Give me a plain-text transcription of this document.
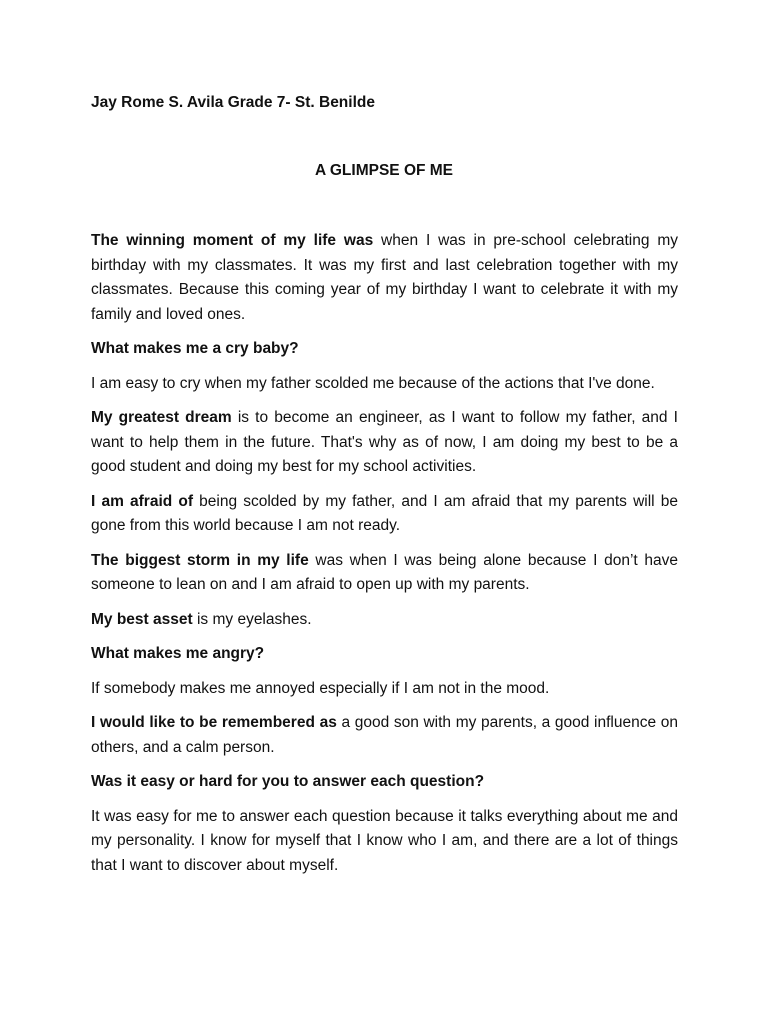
Jay Rome S. Avila Grade 7- St. Benilde

A GLIMPSE OF ME

The winning moment of my life was when I was in pre-school celebrating my birthday with my classmates. It was my first and last celebration together with my classmates. Because this coming year of my birthday I want to celebrate it with my family and loved ones.

What makes me a cry baby?

I am easy to cry when my father scolded me because of the actions that I've done.

My greatest dream is to become an engineer, as I want to follow my father, and I want to help them in the future. That's why as of now, I am doing my best to be a good student and doing my best for my school activities.

I am afraid of being scolded by my father, and I am afraid that my parents will be gone from this world because I am not ready.

The biggest storm in my life was when I was being alone because I don’t have someone to lean on and I am afraid to open up with my parents.

My best asset is my eyelashes.

What makes me angry?

If somebody makes me annoyed especially if I am not in the mood.

I would like to be remembered as a good son with my parents, a good influence on others, and a calm person.

Was it easy or hard for you to answer each question?

It was easy for me to answer each question because it talks everything about me and my personality. I know for myself that I know who I am, and there are a lot of things that I want to discover about myself.
